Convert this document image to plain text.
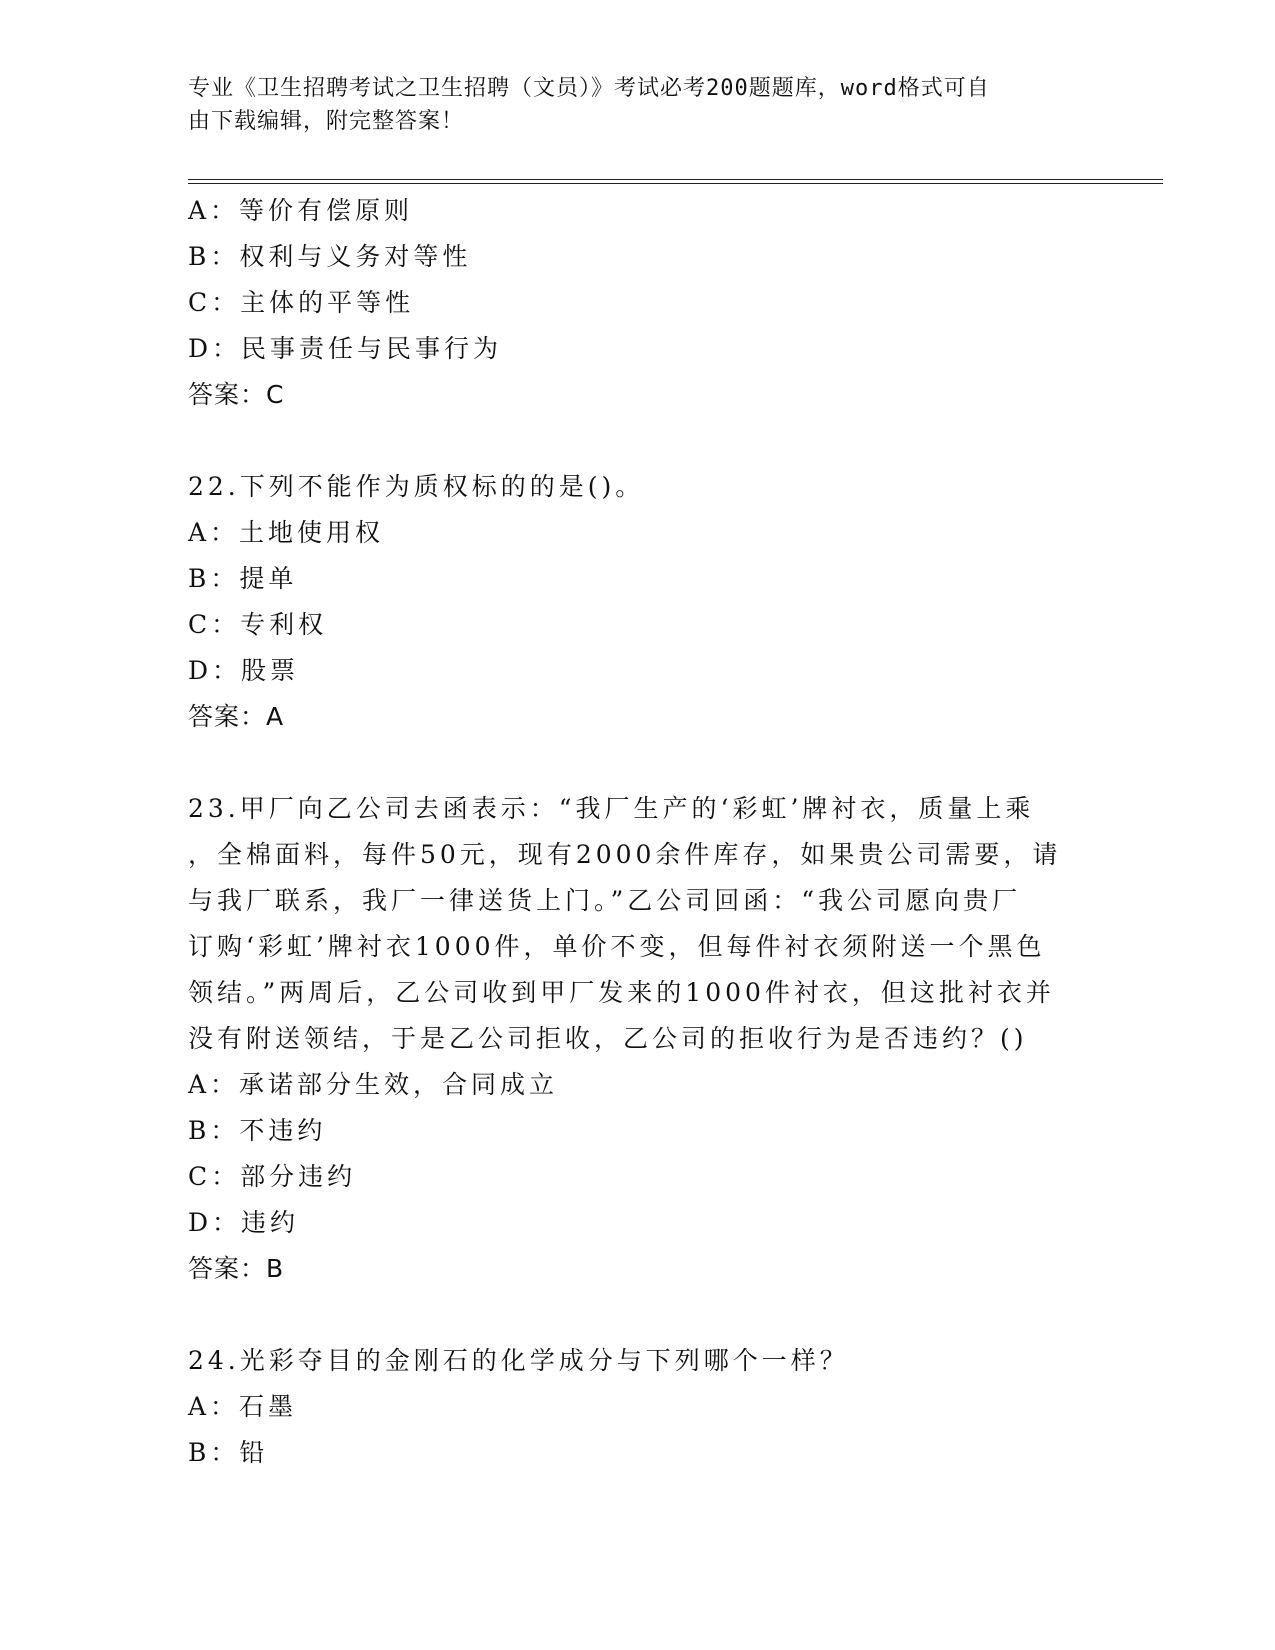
专业《卫生招聘考试之卫生招聘（文员）》考试必考200题题库，word格式可自
由下载编辑，附完整答案！
A：等价有偿原则
B：权利与义务对等性
C：主体的平等性
D：民事责任与民事行为
答案：C
22.下列不能作为质权标的的是()。
A：土地使用权
B：提单
C：专利权
D：股票
答案：A
23.甲厂向乙公司去函表示：“我厂生产的‘彩虹’牌衬衣，质量上乘
，全棉面料，每件50元，现有2000余件库存，如果贵公司需要，请
与我厂联系，我厂一律送货上门。”乙公司回函：“我公司愿向贵厂
订购‘彩虹’牌衬衣1000件，单价不变，但每件衬衣须附送一个黑色
领结。”两周后，乙公司收到甲厂发来的1000件衬衣，但这批衬衣并
没有附送领结，于是乙公司拒收，乙公司的拒收行为是否违约？()
A：承诺部分生效，合同成立
B：不违约
C：部分违约
D：违约
答案：B
24.光彩夺目的金刚石的化学成分与下列哪个一样？
A：石墨
B：铅
